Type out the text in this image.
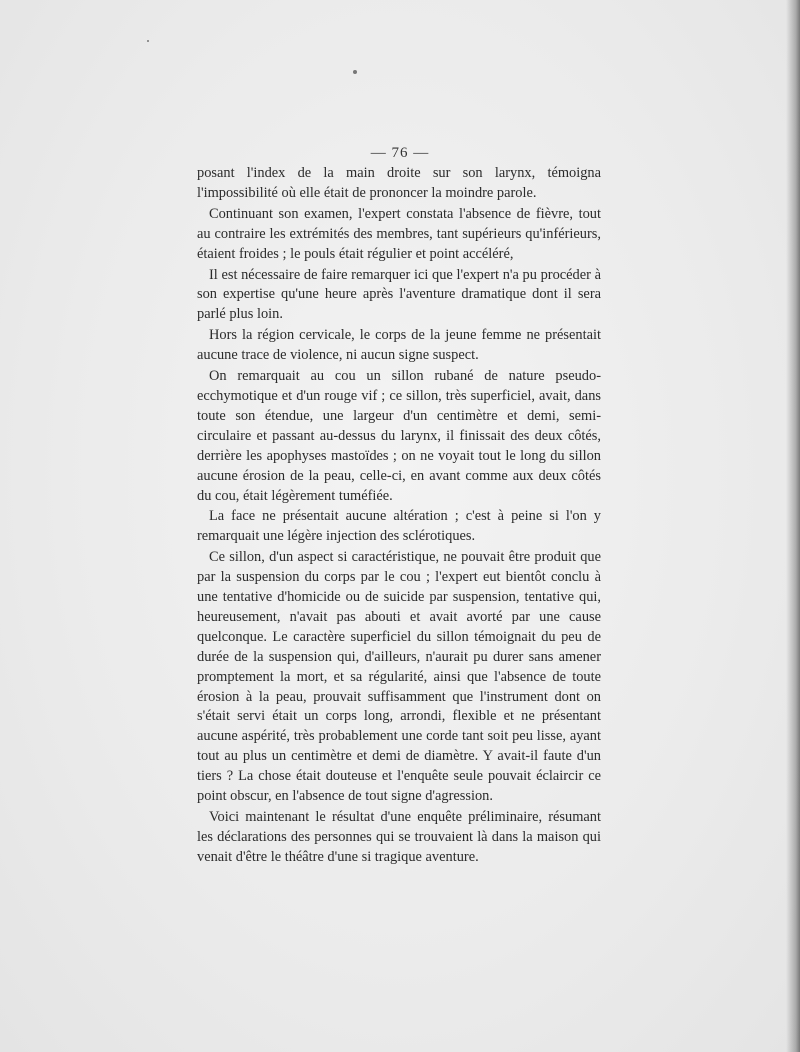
— 76 —

posant l'index de la main droite sur son larynx, témoigna l'impossibilité où elle était de prononcer la moindre parole.

Continuant son examen, l'expert constata l'absence de fièvre, tout au contraire les extrémités des membres, tant supérieurs qu'inférieurs, étaient froides ; le pouls était régulier et point accéléré,

Il est nécessaire de faire remarquer ici que l'expert n'a pu procéder à son expertise qu'une heure après l'aventure dramatique dont il sera parlé plus loin.

Hors la région cervicale, le corps de la jeune femme ne présentait aucune trace de violence, ni aucun signe suspect.

On remarquait au cou un sillon rubané de nature pseudo-ecchymotique et d'un rouge vif ; ce sillon, très superficiel, avait, dans toute son étendue, une largeur d'un centimètre et demi, semi-circulaire et passant au-dessus du larynx, il finissait des deux côtés, derrière les apophyses mastoïdes ; on ne voyait tout le long du sillon aucune érosion de la peau, celle-ci, en avant comme aux deux côtés du cou, était légèrement tuméfiée.

La face ne présentait aucune altération ; c'est à peine si l'on y remarquait une légère injection des sclérotiques.

Ce sillon, d'un aspect si caractéristique, ne pouvait être produit que par la suspension du corps par le cou ; l'expert eut bientôt conclu à une tentative d'homicide ou de suicide par suspension, tentative qui, heureusement, n'avait pas abouti et avait avorté par une cause quelconque. Le caractère superficiel du sillon témoignait du peu de durée de la suspension qui, d'ailleurs, n'aurait pu durer sans amener promptement la mort, et sa régularité, ainsi que l'absence de toute érosion à la peau, prouvait suffisamment que l'instrument dont on s'était servi était un corps long, arrondi, flexible et ne présentant aucune aspérité, très probablement une corde tant soit peu lisse, ayant tout au plus un centimètre et demi de diamètre. Y avait-il faute d'un tiers ? La chose était douteuse et l'enquête seule pouvait éclaircir ce point obscur, en l'absence de tout signe d'agression.

Voici maintenant le résultat d'une enquête préliminaire, résumant les déclarations des personnes qui se trouvaient là dans la maison qui venait d'être le théâtre d'une si tragique aventure.
